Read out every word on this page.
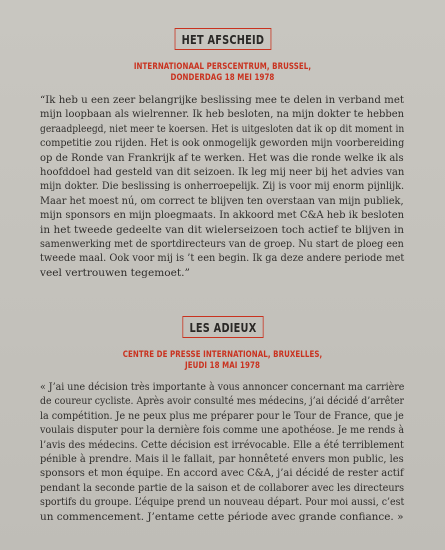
HET AFSCHEID
INTERNATIONAAL PERSCENTRUM, BRUSSEL,
DONDERDAG 18 MEI 1978
“Ik heb u een zeer belangrijke beslissing mee te delen in verband met
mijn loopbaan als wielrenner. Ik heb besloten, na mijn dokter te hebben
geraadpleegd, niet meer te koersen. Het is uitgesloten dat ik op dit moment in
competitie zou rijden. Het is ook onmogelijk geworden mijn voorbereiding
op de Ronde van Frankrijk af te werken. Het was die ronde welke ik als
hoofddoel had gesteld van dit seizoen. Ik leg mij neer bij het advies van
mijn dokter. Die beslissing is onherroepelijk. Zij is voor mij enorm pijnlijk.
Maar het moest nú, om correct te blijven ten overstaan van mijn publiek,
mijn sponsors en mijn ploegmaats. In akkoord met C&A heb ik besloten
in het tweede gedeelte van dit wielerseizoen toch actief te blijven in
samenwerking met de sportdirecteurs van de groep. Nu start de ploeg een
tweede maal. Ook voor mij is ’t een begin. Ik ga deze andere periode met
veel vertrouwen tegemoet.”
LES ADIEUX
CENTRE DE PRESSE INTERNATIONAL, BRUXELLES,
JEUDI 18 MAI 1978
« J’ai une décision très importante à vous annoncer concernant ma carrière
de coureur cycliste. Après avoir consulté mes médecins, j’ai décidé d’arrêter
la compétition. Je ne peux plus me préparer pour le Tour de France, que je
voulais disputer pour la dernière fois comme une apothéose. Je me rends à
l’avis des médecins. Cette décision est irrévocable. Elle a été terriblement
pénible à prendre. Mais il le fallait, par honnêteté envers mon public, les
sponsors et mon équipe. En accord avec C&A, j’ai décidé de rester actif
pendant la seconde partie de la saison et de collaborer avec les directeurs
sportifs du groupe. L’équipe prend un nouveau départ. Pour moi aussi, c’est
un commencement. J’entame cette période avec grande confiance. »
